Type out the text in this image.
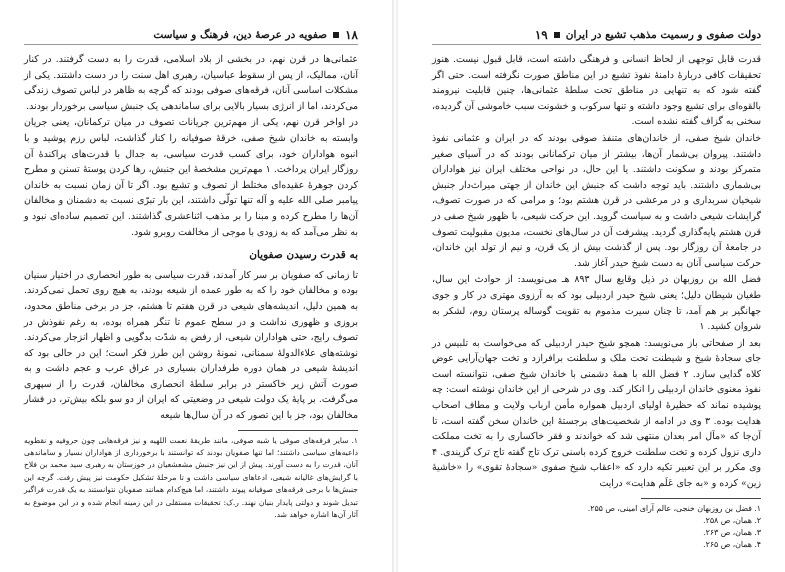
۱۸
صفویه در عرصهٔ دین، فرهنگ و سیاست

عثمانی‌ها در قرن نهم، در بخشی از بلاد اسلامی، قدرت را به دست گرفتند. در کنار آنان، ممالیک، از پس از سقوط عباسیان، رهبری اهل سنت را در دست داشتند. یکی از مشکلات اساسی آنان، فرقه‌های صوفی بودند که گرچه به ظاهر در لباس تصوف زندگی می‌کردند، اما از انرژی بسیار بالایی برای ساماندهی یک جنبش سیاسی برخوردار بودند.

در اواخر قرن نهم، یکی از مهم‌ترین جریانات تصوف در میان ترکمانان، یعنی جریان وابسته به خاندان شیخ صفی، خرقهٔ صوفیانه را کنار گذاشت، لباس رزم پوشید و با انبوه هواداران خود، برای کسب قدرت سیاسی، به جدال با قدرت‌های پراکندهٔ آن روزگار ایران پرداخت. ۱ مهم‌ترین مشخصهٔ این جنبش، رها کردن پوستهٔ تسنن و مطرح کردن جوهرهٔ عقیده‌ای مختلط از تصوف و تشیع بود. اگر تا آن زمان نسبت به خاندان پیامبر صلی الله علیه و آله تنها تولّی داشتند، این بار تبرّی نسبت به دشمنان و مخالفان آن‌ها را مطرح کرده و مبنا را بر مذهب اثناعشری گذاشتند. این تصمیم ساده‌ای نبود و به نظر می‌آمد که به زودی با موجی از مخالفت روبرو شود.

به قدرت رسیدن صفویان

تا زمانی که صفویان بر سر کار آمدند، قدرت سیاسی به طور انحصاری در اختیار سنیان بوده و مخالفان خود را که به طور عمده از شیعه بودند، به هیچ روی تحمل نمی‌کردند. به همین دلیل، اندیشه‌های شیعی در قرن هفتم تا هشتم، جز در برخی مناطق محدود، بروزی و ظهوری نداشت و در سطح عموم تا تنگر همراه بوده، به رغم نفوذش در تصوف رایج، حتی هواداران شیعی، از رفض به شدّت بدگویی و اظهار انزجار می‌کردند. نوشته‌های علاءالدولهٔ سمنانی، نمونهٔ روشن این طرز فکر است؛ این در حالی بود که اندیشهٔ شیعی در همان دوره طرفداران بسیاری در عراق عرب و عجم داشت و به صورت آتش زیر خاکستر در برابر سلطهٔ انحصاری مخالفان، قدرت را از سپهری می‌گرفت. بر پایهٔ یک دولت شیعی در وضعیتی که ایران از دو سو بلکه بیش‌تر، در فشار مخالفان بود، جز با این تصور که در آن سال‌ها شیعه

۱. سایر فرقه‌های صوفی یا شبه صوفی، مانند طریقهٔ نعمت اللهیه و نیز فرقه‌هایی چون حروفیه و نقطویه داعیه‌های سیاسی داشتند؛ اما تنها صفویان بودند که توانستند با برخورداری از هواداران بسیار و ساماندهی آنان، قدرت را به دست آورند. پیش از این نیز جنبش مشعشعیان در خوزستان به رهبری سید محمد بن فلاح با گرایش‌های غالیانه شیعی، ادعاهای سیاسی داشت و تا مرحلهٔ تشکیل حکومت نیز پیش رفت. گرچه این جنبش‌ها با برخی فرقه‌های صوفیانه پیوند داشتند، اما هیچ‌کدام همانند صفویان نتوانستند به یک قدرت فراگیر تبدیل شوند و دولتی پایدار بنیان نهند. ر.ک: تحقیقات مستقلی در این زمینه انجام شده و در این موضوع به آثار آن‌ها اشاره خواهد شد.

دولت صفوی و رسمیت مذهب تشیع در ایران
۱۹

قدرت قابل توجهی از لحاظ انسانی و فرهنگی داشته است، قابل قبول نیست. هنوز تحقیقات کافی دربارهٔ دامنهٔ نفوذ تشیع در این مناطق صورت نگرفته است. حتی اگر گفته شود که به تنهایی در مناطق تحت سلطهٔ عثمانی‌ها، چنین قابلیت نیرومند بالقوه‌ای برای تشیع وجود داشته و تنها سرکوب و خشونت سبب خاموشی آن گردیده، سخنی به گزاف گفته نشده است.

خاندان شیخ صفی، از خاندان‌های متنفذ صوفی بودند که در ایران و عثمانی نفوذ داشتند. پیروان بی‌شمار آن‌ها، بیشتر از میان ترکمانانی بودند که در آسیای صغیر متمرکز بودند و سکونت داشتند. یا این حال، در نواحی مختلف ایران نیز هواداران بی‌شماری داشتند. باید توجه داشت که جنبش این خاندان از جهتی میراث‌دار جنبش شیخیان سربداری و در مرعشی در قرن هشتم بود؛ و مرامی که در صورت تصوف، گرایشات شیعی داشت و به سیاست گروید. این حرکت شیعی، با ظهور شیخ صفی در قرن هشتم پایه‌گذاری گردید. پیشرفت آن در سال‌های نخست، مدیون مقبولیت تصوف در جامعهٔ آن روزگار بود. پس از گذشت بیش از یک قرن، و نیم از تولد این خاندان، حرکت سیاسی آنان به دست شیخ حیدر آغاز شد.

فضل الله بن روزبهان در ذیل وقایع سال ۸۹۳ هـ می‌نویسد: از حوادث این سال، طغیان شیطان دلیل؛ یعنی شیخ حیدر اردبیلی بود که به آرزوی مهتری در کار و جوی جهانگیر بر هم آمد، تا چنان سیرت مذموم به تقویت گوساله پرستان روم، لشکر به شروان کشید. ۱

بعد از صفحاتی باز می‌نویسد: همچو شیخ حیدر اردبیلی که می‌خواست به تلبیس در جای سجادهٔ شیخ و شیطنت تحت ملک و سلطنت برافرازد و تخت جهان‌آرایی عوض کلاه گدایی سازد. ۲ فضل الله با همهٔ دشمنی با خاندان شیخ صفی، نتوانسته است نفوذ معنوی خاندان اردبیلی را انکار کند. وی در شرحی از این خاندان نوشته است: چه پوشیده نماند که حظیرهٔ اولیای اردبیل همواره مأمن ارباب ولایت و مطاف اصحاب هدایت بوده. ۳ وی در ادامه از شخصیت‌های برجستهٔ این خاندان سخن گفته است، تا آن‌جا که «مآل امر بعدان منتهی شد که خواندند و فقر خاکساری را به تخت مملکت داری نزول کرده و تخت سلطنت خروج کرده باسنی ترک تاج گفته تاج ترک گزیندی. ۴ وی مکرر بر این تعبیر تکیه دارد که «اعقاب شیخ صفوی «سجادهٔ تقوی» را «خاشیهٔ زین» کرده و «به جای عَلَم هدایت» درایت

۱. فضل بن روزبهان خنجی، عالم آرای امینی، ص ۲۵۵.
۲. همان، ص ۲۵۸.
۳. همان، ص ۲۶۳.
۴. همان، ص ۲۶۵.
